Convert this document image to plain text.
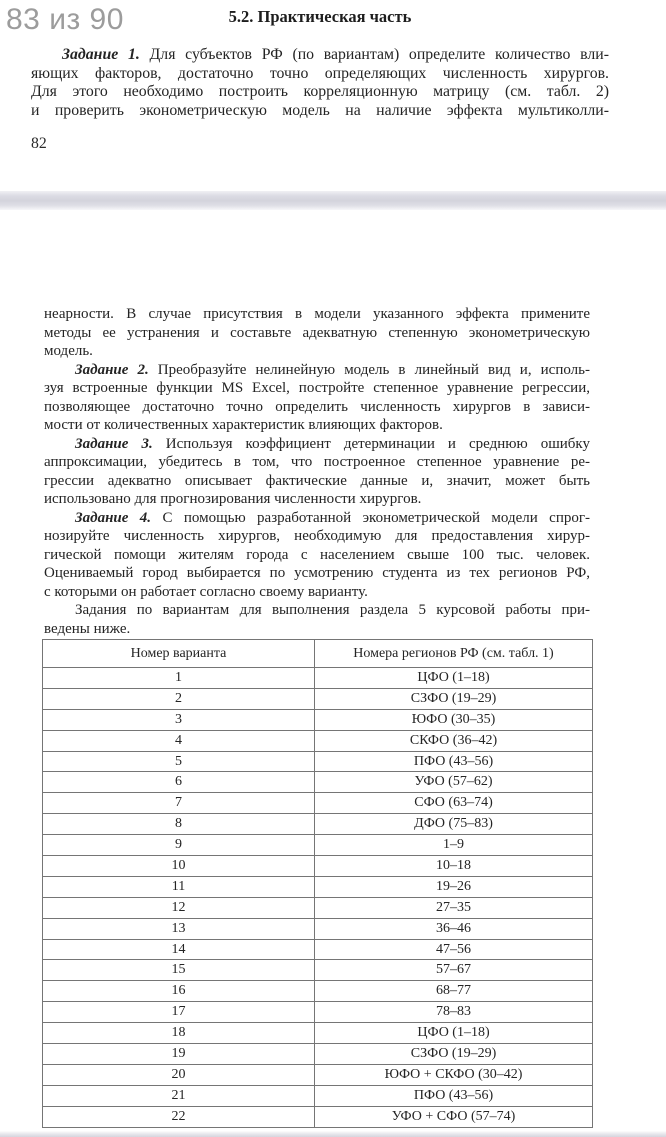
83 из 90	5.2. Практическая часть
Задание 1. Для субъектов РФ (по вариантам) определите количество вли-
яющих факторов, достаточно точно определяющих численность хирургов.
Для этого необходимо построить корреляционную матрицу (см. табл. 2)
и проверить эконометрическую модель на наличие эффекта мультиколли-
82
неарности. В случае присутствия в модели указанного эффекта примените
методы ее устранения и составьте адекватную степенную эконометрическую
модель.
Задание 2. Преобразуйте нелинейную модель в линейный вид и, исполь-
зуя встроенные функции MS Excel, постройте степенное уравнение регрессии,
позволяющее достаточно точно определить численность хирургов в зависи-
мости от количественных характеристик влияющих факторов.
Задание 3. Используя коэффициент детерминации и среднюю ошибку
аппроксимации, убедитесь в том, что построенное степенное уравнение ре-
грессии адекватно описывает фактические данные и, значит, может быть
использовано для прогнозирования численности хирургов.
Задание 4. С помощью разработанной эконометрической модели спрог-
нозируйте численность хирургов, необходимую для предоставления хирур-
гической помощи жителям города с населением свыше 100 тыс. человек.
Оцениваемый город выбирается по усмотрению студента из тех регионов РФ,
с которыми он работает согласно своему варианту.
Задания по вариантам для выполнения раздела 5 курсовой работы при-
ведены ниже.
Номер варианта	Номера регионов РФ (см. табл. 1)
1	ЦФО (1–18)
2	СЗФО (19–29)
3	ЮФО (30–35)
4	СКФО (36–42)
5	ПФО (43–56)
6	УФО (57–62)
7	СФО (63–74)
8	ДФО (75–83)
9	1–9
10	10–18
11	19–26
12	27–35
13	36–46
14	47–56
15	57–67
16	68–77
17	78–83
18	ЦФО (1–18)
19	СЗФО (19–29)
20	ЮФО + СКФО (30–42)
21	ПФО (43–56)
22	УФО + СФО (57–74)
